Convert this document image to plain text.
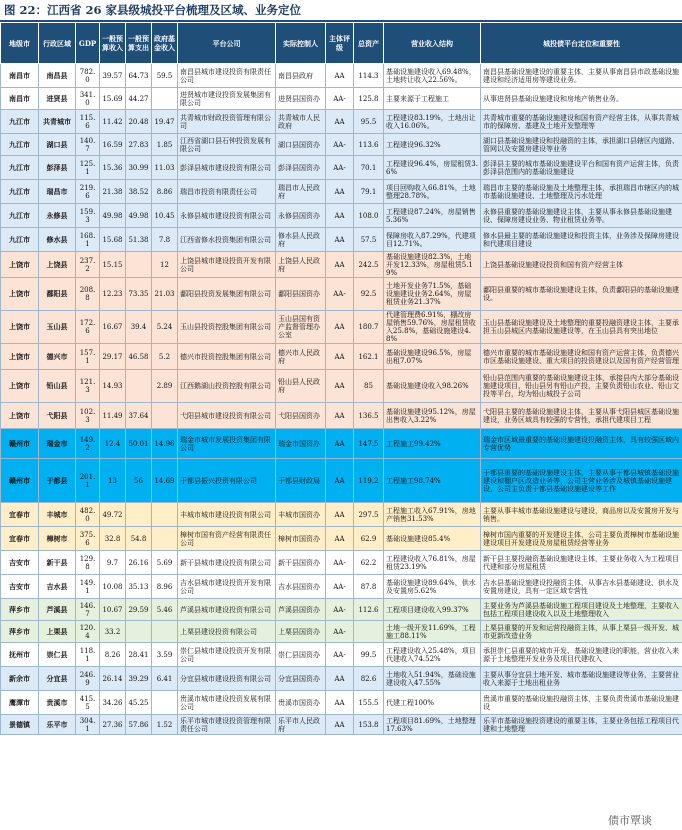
图 22：江西省 26 家县级城投平台梳理及区域、业务定位
地级市	行政区域	GDP	一般预算收入	一般预算支出	政府基金收入	平台公司	实际控制人	主体评级	总资产	营业收入结构	城投债平台定位和重要性
南昌市	南昌县	782.0	39.57	64.73	59.5	南昌县城市建设投资有限责任公司	南昌县政府	AA	114.3	基础设施建设收入69.48%，土地转让收入22.56%。	南昌县基础设施建设的重要主体，主要从事南昌县市政基础设施建设和经济适用房等建设业务。
南昌市	进贤县	341.0	15.69	44.27		进贤城市建设投资发展集团有限公司	进贤县国资办	AA-	125.8	主要来源于工程施工	从事进贤县基础设施建设和房地产销售业务。
九江市	共青城市	115.6	11.42	20.48	19.47	共青城市财政投资管理有限公司	共青城市人民政府	AA	95.5	工程建设83.19%，土地出让收入16.06%。	共青城市重要的基础设施建设和国有资产经营主体，从事共青城市的保障房、基建及土地开发整理等
九江市	湖口县	140.7	16.59	27.83	1.85	江西省湖口县石钟投资发展有限公司	湖口县国资办	AA-	113.6	工程建设96.32%	湖口县基础设施建设和投融资的主体，承担湖口县辖区内道路、管网以及安置房建设等业务
九江市	彭泽县	125.1	15.36	30.99	11.03	彭泽县城市建设投资有限公司	彭泽县国资办	AA-	70.1	工程建设96.4%，房屋租赁3.6%	彭泽县主要的城市基础设施建设平台和国有资产运营主体，负责彭泽县范围内的基础设施建设
九江市	瑞昌市	219.6	21.38	38.52	8.86	瑞昌市投资有限责任公司	瑞昌市人民政府	AA	79.1	项目回购收入66.81%，土地整理28.78%。	瑞昌市主要的基础设施及土地整理主体，承担瑞昌市辖区内的城市基础设施建设、土地整理及污水处理
九江市	永修县	159.3	49.98	49.98	10.45	永修县城市建设投资有限公司	永修县国资办	AA	108.0	工程建设87.24%，房屋销售5.36%	永修县重要的基础设施建设主体，主要从事永修县基础设施建设、保障房建设业务、物业租赁业务等。
九江市	修水县	168.1	15.68	51.38	7.8	江西省修水投资集团有限公司	修水县人民政府	AA	57.5	保障房收入87.29%，代建项目12.71%。	修水县最主要的基础设施建设和投资主体，业务涉及保障房建设和代建项目建设
上饶市	上饶县	237.2	15.15		12	上饶县城市建设投资开发有限公司	上饶县人民政府	AA	242.5	基础设施建设82.3%，土地开发12.33%，房屋租赁5.19%	上饶县基础设施建设投资和国有资产经营主体
上饶市	鄱阳县	208.8	12.23	73.35	21.03	鄱阳县投资发展集团有限公司	鄱阳县国资办	AA-	92.5	土地开发业务71.5%，基础设施建设业务2.64%，房屋租赁业务21.37%	鄱阳县重要的城市基础设施建设主体，负责鄱阳县的基础设施建设。
上饶市	玉山县	172.6	16.67	39.4	5.24	玉山县投资控股集团有限公司	玉山县国有资产监督管理办公室	AA	180.7	代建管理费6.91%，棚改房屋销售59.76%，房屋租赁收入25.8%，基础设施建设4.8%	玉山县基础设施建设及土地整理的重要投融资建设主体，主要承担玉山县城区内基础设施建设等，在玉山县具有突出地位
上饶市	德兴市	157.1	29.17	46.58	5.2	德兴市投资控股集团有限公司	德兴市人民政府	AA	162.1	基础设施建设96.5%，房屋出租7.07%	德兴市重要的城市基础设施建设和国有资产运营主体，负责德兴市区基础设施建设、重大项目的投资建设以及国有资产经营管理
上饶市	铅山县	121.3	14.93		2.89	江西鹅湖山投资控股有限公司	铅山县人民政府	AA	85	基础设施建设收入98.26%	铅山县范围内重要的基础设施建设主体，承接县内大部分基础设施建设项目，铅山县另有铅山产投，主要负责铅山农业、铅山文投等平台，均为铅山城投子公司
上饶市	弋阳县	102.3	11.49	37.64		弋阳县城市建设投资有限公司	弋阳县国资办	AA	136.5	基础设施建设95.12%，房屋出售收入3.22%	弋阳县主要的基础设施建设主体，主要从事弋阳县城区基础设施建设，业务区域具有较强的专营性，承担代建项目工程
赣州市	瑞金市	149.2	12.4	50.01	14.96	瑞金市城市发展投资集团有限公司	瑞金市国资办	AA	147.5	工程施工99.42%	瑞金市区域最重要的基础设施建设投融资主体，具有较强区域内专营优势
赣州市	于都县	201.1	13	56	14.69	于都县振兴投资有限公司	于都县财政局	AA	119.2	工程施工98.74%	于都县重要的基础设施建设主体，主要从事于都县城镇基础设施建设和棚户区改造业务等，公司主营业务涉及城镇基础设施建设，公司主负责于都县基础设施建设等工作
宜春市	丰城市	482.0	49.72			丰城市城市建设投资有限公司	丰城市国资办	AA	297.5	工程施工收入67.91%，房地产销售31.53%	主要从事丰城市基础设施建设与建设，商品房以及安置房开发与销售。
宜春市	樟树市	375.6	32.8	54.8		樟树市国有资产经营有限责任公司	樟树市国资办	AA	62.9	基础设施建设85.4%	樟树市国内重要的开发建设主体，公司主要负责樟树市基础设施建设项目开发建设及房屋租赁经营等业务
吉安市	新干县	129.8	9.7	26.16	5.69	新干县城市建设投资有限公司	新干县国资办	AA-	62.2	工程建设收入76.81%，房屋租赁23.19%	新干县主要投融资基础设施建设主体，主要业务收入为工程项目代建和部分房屋租赁
吉安市	吉水县	149.1	10.08	35.13	8.96	吉水县城市建设投资开发有限公司	吉水县国资办	AA-	87.8	基础设施建设89.64%，供水及安置房5.62%	吉水县基础设施建设投融资主体，从事吉水县基础建设、供水及安置房建设，具有一定区域专营性
萍乡市	芦溪县	146.7	10.67	29.59	5.46	芦溪县城市建设投资有限公司	芦溪县国资办	AA-	112.6	工程项目建设收入99.37%	主要业务为芦溪县基础设施工程项目建设及土地整理，主要收入包括工程项目建设收入以及土地整理收入
萍乡市	上栗县	120.4	33.2			上栗县建设投资有限公司	上栗县国资办	AA-		土地一级开发11.69%，工程施工88.11%	上栗县重要的开发和运营投融资主体，从事上栗县一级开发、城市更新改造业务
抚州市	崇仁县	118.1	8.26	28.41	3.59	崇仁县城市建设投资开发有限公司	崇仁县国资办	AA-	99.5	工程建设收入25.48%，项目代建收入74.52%	承担崇仁县重要的城市开发、基础设施建设的职能，营业收入来源于土地整理开发业务及项目代建收入
新余市	分宜县	246.9	26.14	39.29	6.41	分宜县城市建设投资有限公司	分宜县国资办	AA	82.6	土地收入51.94%，基础设施建设收入47.55%	主要从事分宜县土地开发、城市基础设施建设等业务，主要营业收入来源于土地出租业务
鹰潭市	贵溪市	415.5	34.26	45.25		贵溪市城市建设投资发展有限公司	贵溪市国资办	AA	155.5	代建工程100%	贵溪市重要的基础设施投融资主体，主要负责贵溪市基础设施建设
景德镇	乐平市	304.1	27.36	57.86	1.52	乐平市城市建设投资管理有限责任公司	乐平市人民政府	AA	153.8	工程项目81.69%，土地整理17.63%	乐平市基础设施投资建设的重要主体，主要业务包括工程项目代建和土地整理
债市覃谈
